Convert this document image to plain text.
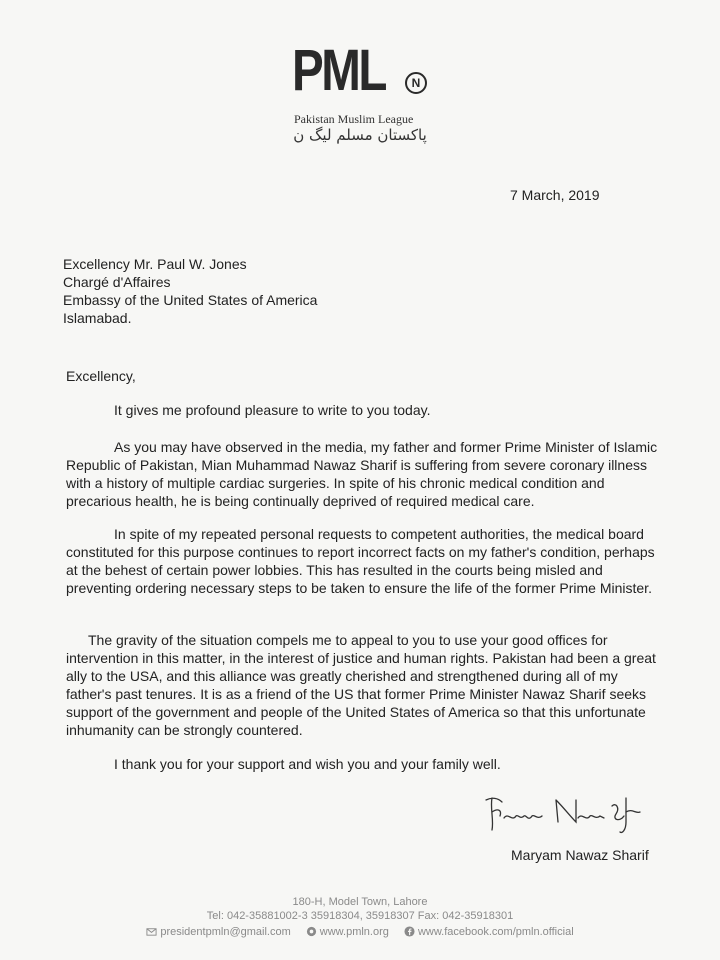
PML	N
Pakistan Muslim League
پاکستان مسلم لیگ ن
7 March, 2019
Excellency Mr. Paul W. Jones
Chargé d'Affaires
Embassy of the United States of America
Islamabad.
Excellency,
It gives me profound pleasure to write to you today.
As you may have observed in the media, my father and former Prime Minister of Islamic Republic of Pakistan, Mian Muhammad Nawaz Sharif is suffering from severe coronary illness with a history of multiple cardiac surgeries. In spite of his chronic medical condition and precarious health, he is being continually deprived of required medical care.
In spite of my repeated personal requests to competent authorities, the medical board constituted for this purpose continues to report incorrect facts on my father's condition, perhaps at the behest of certain power lobbies. This has resulted in the courts being misled and preventing ordering necessary steps to be taken to ensure the life of the former Prime Minister.
The gravity of the situation compels me to appeal to you to use your good offices for intervention in this matter, in the interest of justice and human rights. Pakistan had been a great ally to the USA, and this alliance was greatly cherished and strengthened during all of my father's past tenures. It is as a friend of the US that former Prime Minister Nawaz Sharif seeks support of the government and people of the United States of America so that this unfortunate inhumanity can be strongly countered.
I thank you for your support and wish you and your family well.
Maryam Nawaz Sharif
180-H, Model Town, Lahore
Tel: 042-35881002-3 35918304, 35918307 Fax: 042-35918301
presidentpmln@gmail.com	www.pmln.org	www.facebook.com/pmln.official
